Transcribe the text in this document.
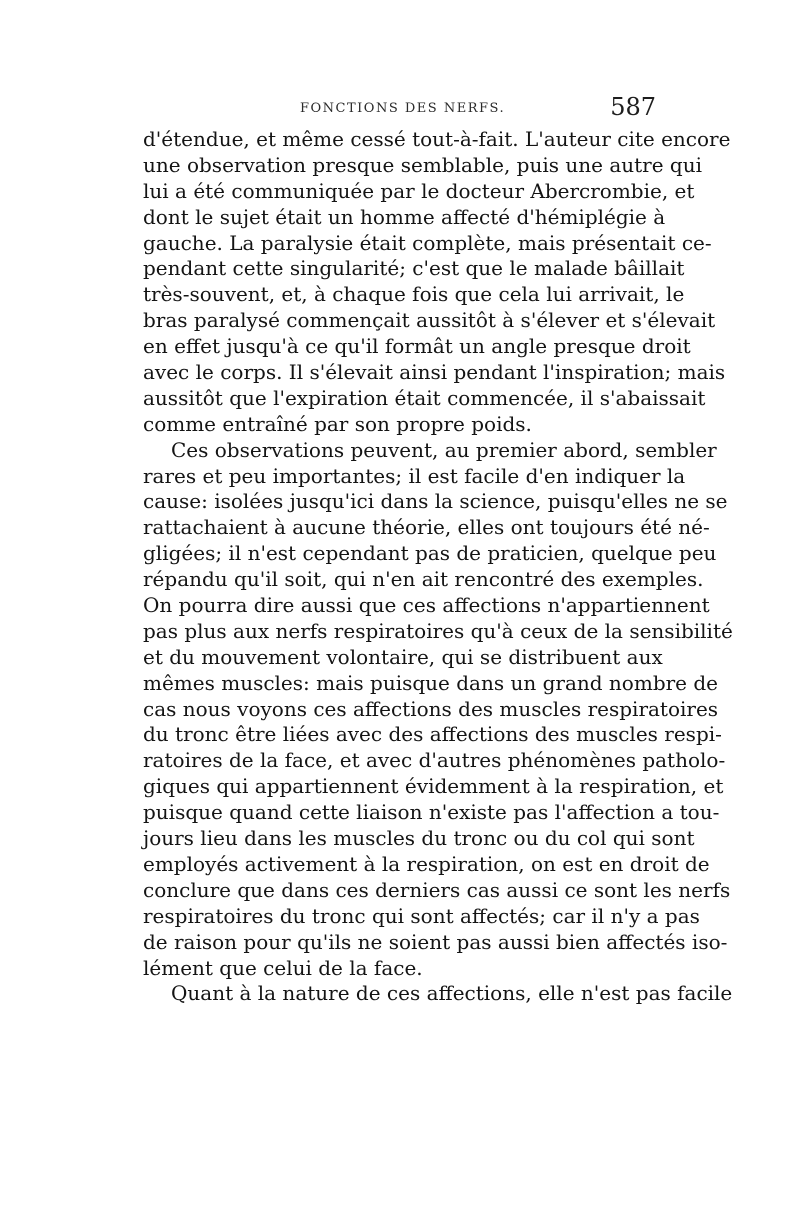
FONCTIONS DES NERFS.	587
d'étendue, et même cessé tout-à-fait. L'auteur cite encore
une observation presque semblable, puis une autre qui
lui a été communiquée par le docteur Abercrombie, et
dont le sujet était un homme affecté d'hémiplégie à
gauche. La paralysie était complète, mais présentait ce-
pendant cette singularité; c'est que le malade bâillait
très-souvent, et, à chaque fois que cela lui arrivait, le
bras paralysé commençait aussitôt à s'élever et s'élevait
en effet jusqu'à ce qu'il formât un angle presque droit
avec le corps. Il s'élevait ainsi pendant l'inspiration; mais
aussitôt que l'expiration était commencée, il s'abaissait
comme entraîné par son propre poids.
Ces observations peuvent, au premier abord, sembler
rares et peu importantes; il est facile d'en indiquer la
cause: isolées jusqu'ici dans la science, puisqu'elles ne se
rattachaient à aucune théorie, elles ont toujours été né-
gligées; il n'est cependant pas de praticien, quelque peu
répandu qu'il soit, qui n'en ait rencontré des exemples.
On pourra dire aussi que ces affections n'appartiennent
pas plus aux nerfs respiratoires qu'à ceux de la sensibilité
et du mouvement volontaire, qui se distribuent aux
mêmes muscles: mais puisque dans un grand nombre de
cas nous voyons ces affections des muscles respiratoires
du tronc être liées avec des affections des muscles respi-
ratoires de la face, et avec d'autres phénomènes patholo-
giques qui appartiennent évidemment à la respiration, et
puisque quand cette liaison n'existe pas l'affection a tou-
jours lieu dans les muscles du tronc ou du col qui sont
employés activement à la respiration, on est en droit de
conclure que dans ces derniers cas aussi ce sont les nerfs
respiratoires du tronc qui sont affectés; car il n'y a pas
de raison pour qu'ils ne soient pas aussi bien affectés iso-
lément que celui de la face.
Quant à la nature de ces affections, elle n'est pas facile
